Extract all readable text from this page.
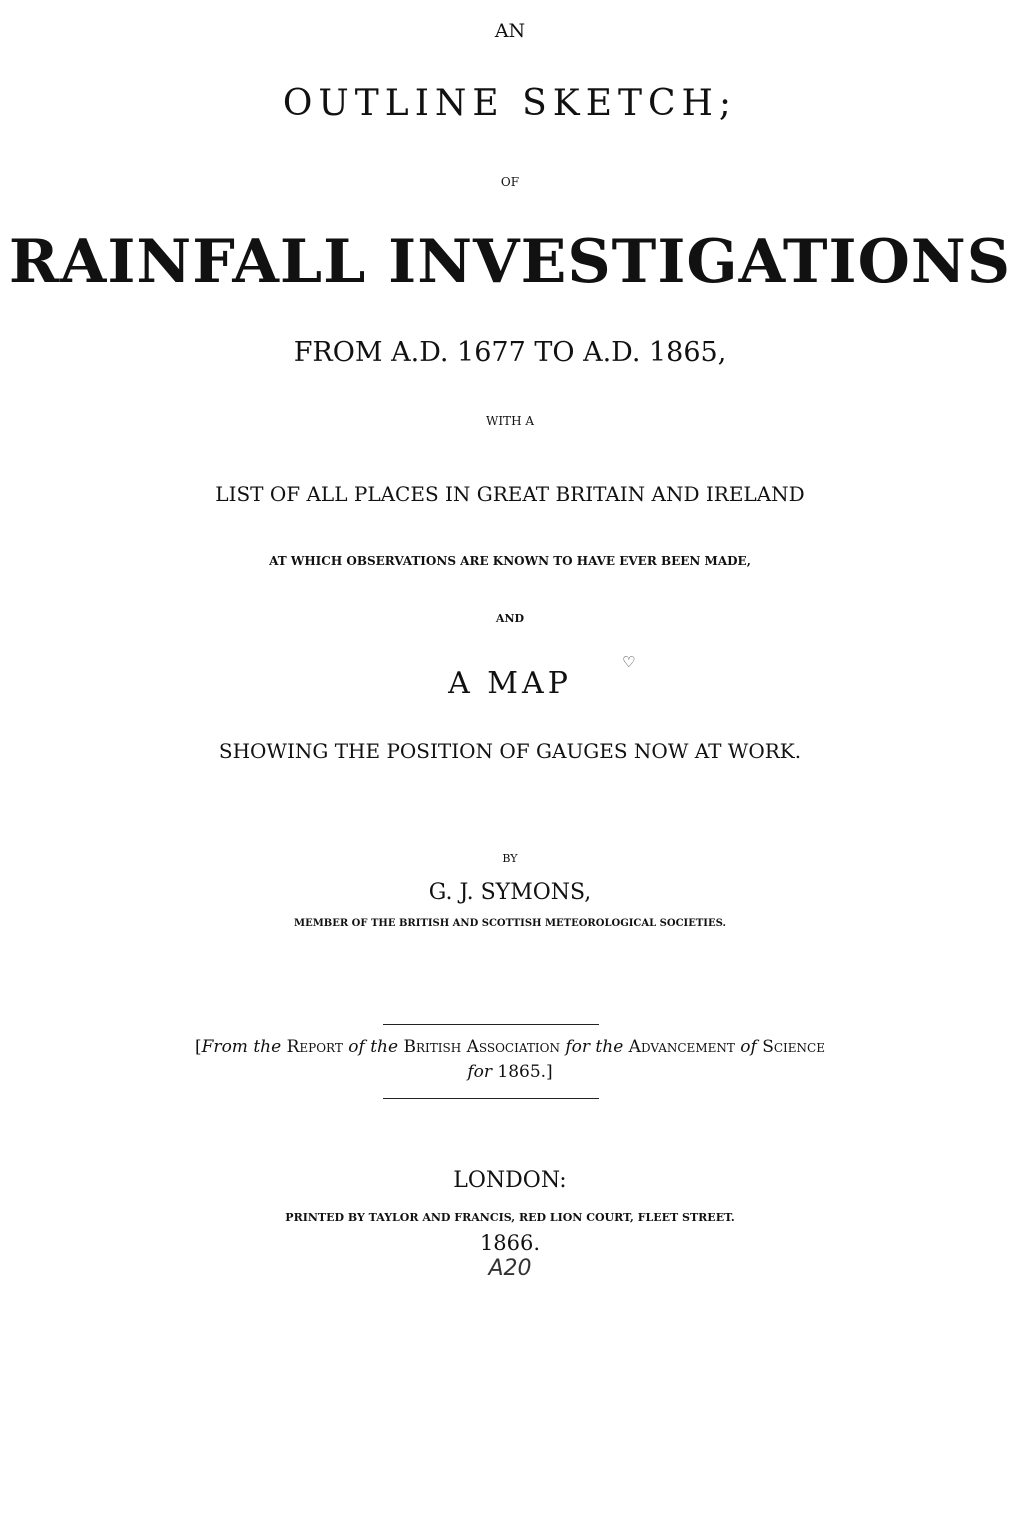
AN
OUTLINE SKETCH;
OF
RAINFALL INVESTIGATIONS
FROM A.D. 1677 TO A.D. 1865,
WITH A
LIST OF ALL PLACES IN GREAT BRITAIN AND IRELAND
AT WHICH OBSERVATIONS ARE KNOWN TO HAVE EVER BEEN MADE,
AND
A MAP
♡
SHOWING THE POSITION OF GAUGES NOW AT WORK.
BY
G. J. SYMONS,
MEMBER OF THE BRITISH AND SCOTTISH METEOROLOGICAL SOCIETIES.
[From the Report of the British Association for the Advancement of Science
for 1865.]
LONDON:
PRINTED BY TAYLOR AND FRANCIS, RED LION COURT, FLEET STREET.
1866.
A20
